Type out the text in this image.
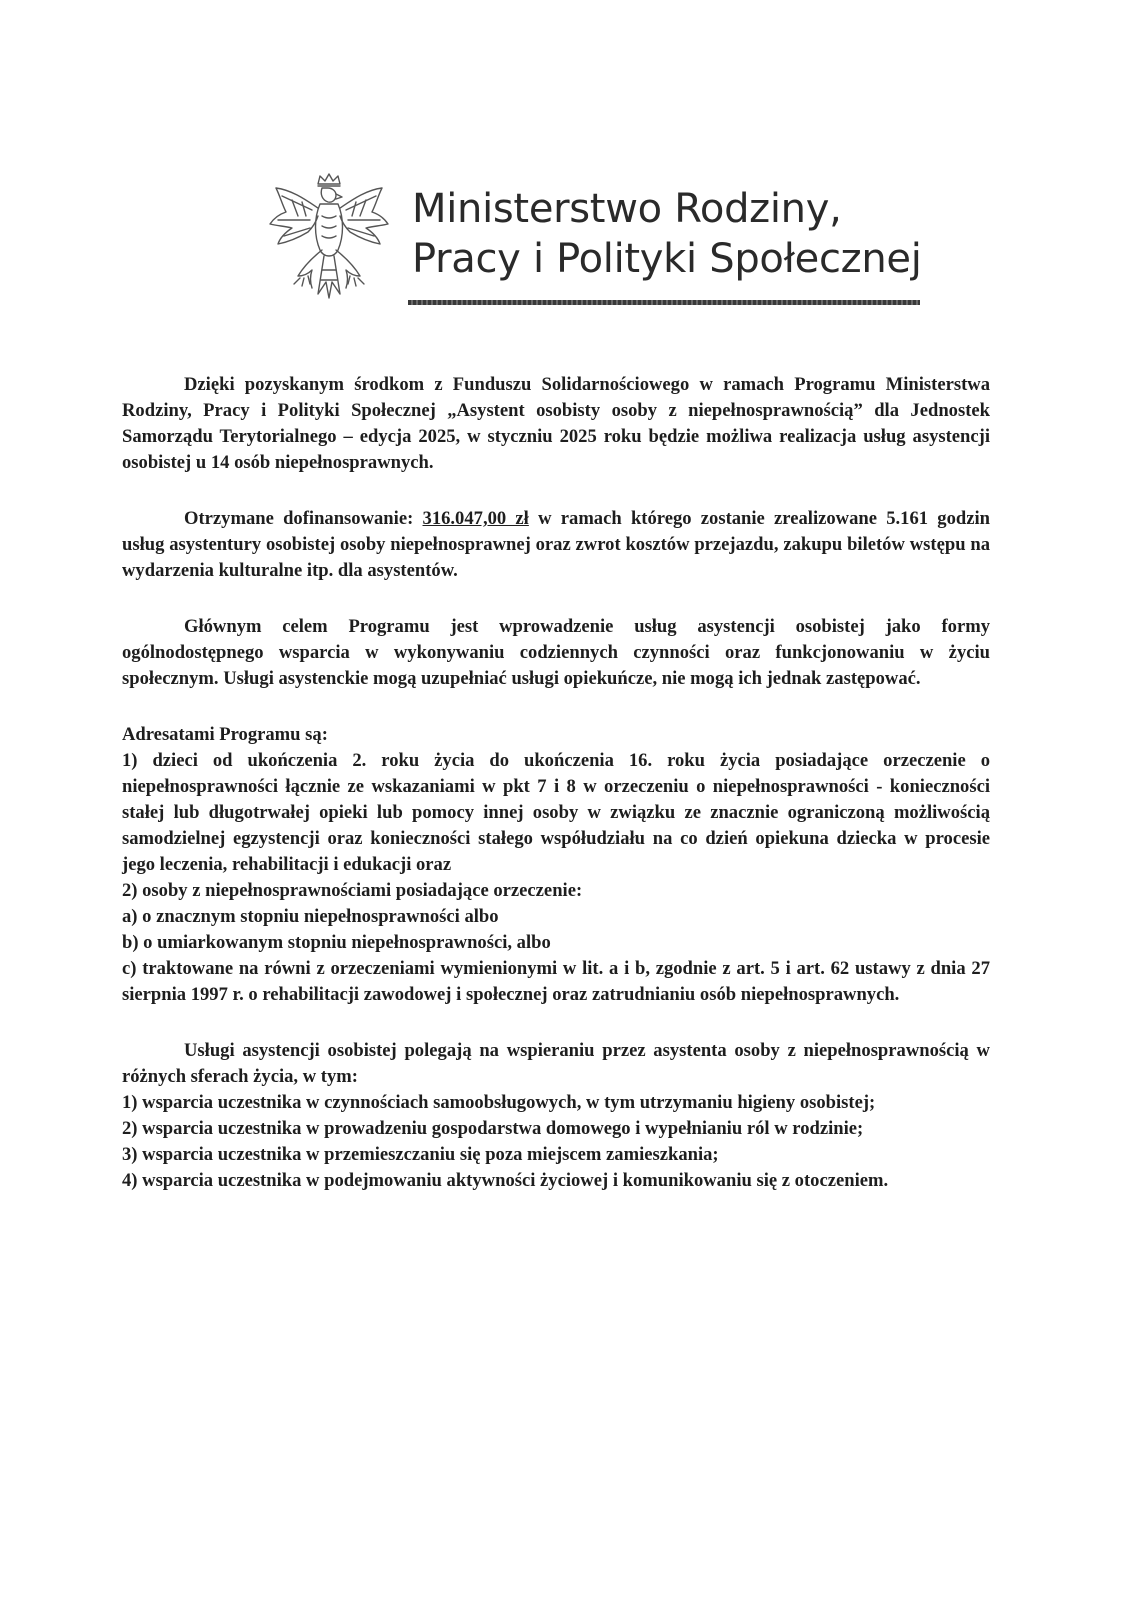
Ministerstwo Rodziny,
Pracy i Polityki Społecznej

Dzięki pozyskanym środkom z Funduszu Solidarnościowego w ramach Programu Ministerstwa Rodziny, Pracy i Polityki Społecznej „Asystent osobisty osoby z niepełnosprawnością” dla Jednostek Samorządu Terytorialnego – edycja 2025, w styczniu 2025 roku będzie możliwa realizacja usług asystencji osobistej u 14 osób niepełnosprawnych.

Otrzymane dofinansowanie: 316.047,00 zł w ramach którego zostanie zrealizowane 5.161 godzin usług asystentury osobistej osoby niepełnosprawnej oraz zwrot kosztów przejazdu, zakupu biletów wstępu na wydarzenia kulturalne itp. dla asystentów.

Głównym celem Programu jest wprowadzenie usług asystencji osobistej jako formy ogólnodostępnego wsparcia w wykonywaniu codziennych czynności oraz funkcjonowaniu w życiu społecznym. Usługi asystenckie mogą uzupełniać usługi opiekuńcze, nie mogą ich jednak zastępować.

Adresatami Programu są:

1) dzieci od ukończenia 2. roku życia do ukończenia 16. roku życia posiadające orzeczenie o niepełnosprawności łącznie ze wskazaniami w pkt 7 i 8 w orzeczeniu o niepełnosprawności - konieczności stałej lub długotrwałej opieki lub pomocy innej osoby w związku ze znacznie ograniczoną możliwością samodzielnej egzystencji oraz konieczności stałego współudziału na co dzień opiekuna dziecka w procesie jego leczenia, rehabilitacji i edukacji oraz

2) osoby z niepełnosprawnościami posiadające orzeczenie:

a) o znacznym stopniu niepełnosprawności albo

b) o umiarkowanym stopniu niepełnosprawności, albo

c) traktowane na równi z orzeczeniami wymienionymi w lit. a i b, zgodnie z art. 5 i art. 62 ustawy z dnia 27 sierpnia 1997 r. o rehabilitacji zawodowej i społecznej oraz zatrudnianiu osób niepełnosprawnych.

Usługi asystencji osobistej polegają na wspieraniu przez asystenta osoby z niepełnosprawnością w różnych sferach życia, w tym:

1) wsparcia uczestnika w czynnościach samoobsługowych, w tym utrzymaniu higieny osobistej;

2) wsparcia uczestnika w prowadzeniu gospodarstwa domowego i wypełnianiu ról w rodzinie;

3) wsparcia uczestnika w przemieszczaniu się poza miejscem zamieszkania;

4) wsparcia uczestnika w podejmowaniu aktywności życiowej i komunikowaniu się z otoczeniem.
